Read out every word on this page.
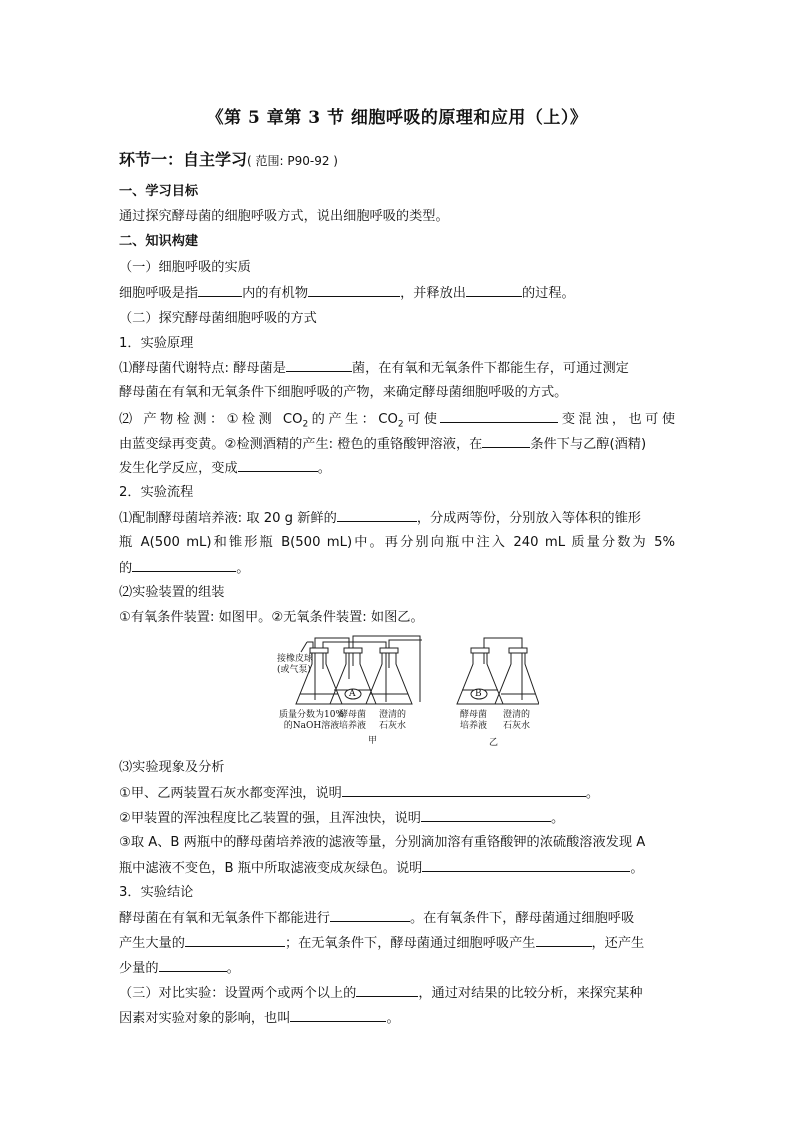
《第 5 章第 3 节 细胞呼吸的原理和应用（上）》
环节一：自主学习( 范围: P90-92 )
一、学习目标
通过探究酵母菌的细胞呼吸方式，说出细胞呼吸的类型。
二、知识构建
（一）细胞呼吸的实质
细胞呼吸是指	内的有机物	，并释放出	的过程。
（二）探究酵母菌细胞呼吸的方式
1．实验原理
⑴酵母菌代谢特点: 酵母菌是	菌，在有氧和无氧条件下都能生存，可通过测定
酵母菌在有氧和无氧条件下细胞呼吸的产物，来确定酵母菌细胞呼吸的方式。
⑵ 产物检测：①检测 $CO_2$的产生：$CO_2$可使	变混浊，也可使
由蓝变绿再变黄。②检测酒精的产生: 橙色的重铬酸钾溶液，在	条件下与乙醇(酒精)
发生化学反应，变成	。
2．实验流程
⑴配制酵母菌培养液: 取 20 g 新鲜的	，分成两等份，分别放入等体积的锥形
瓶 A(500 mL)和锥形瓶 B(500 mL)中。再分别向瓶中注入 240 mL 质量分数为 5%
的	。
⑵实验装置的组装
①有氧条件装置: 如图甲。②无氧条件装置: 如图乙。
接橡皮球
(或气泵)
A	B
质量分数为10%
的NaOH溶液
酵母菌
培养液
澄清的
石灰水
酵母菌
培养液
澄清的
石灰水
甲	乙
⑶实验现象及分析
①甲、乙两装置石灰水都变浑浊，说明	。
②甲装置的浑浊程度比乙装置的强，且浑浊快，说明	。
③取 A、B 两瓶中的酵母菌培养液的滤液等量，分别滴加溶有重铬酸钾的浓硫酸溶液发现 A
瓶中滤液不变色，B 瓶中所取滤液变成灰绿色。说明	。
3．实验结论
酵母菌在有氧和无氧条件下都能进行	。在有氧条件下，酵母菌通过细胞呼吸
产生大量的	；在无氧条件下，酵母菌通过细胞呼吸产生	，还产生
少量的	。
（三）对比实验：设置两个或两个以上的	，通过对结果的比较分析，来探究某种
因素对实验对象的影响，也叫	。
